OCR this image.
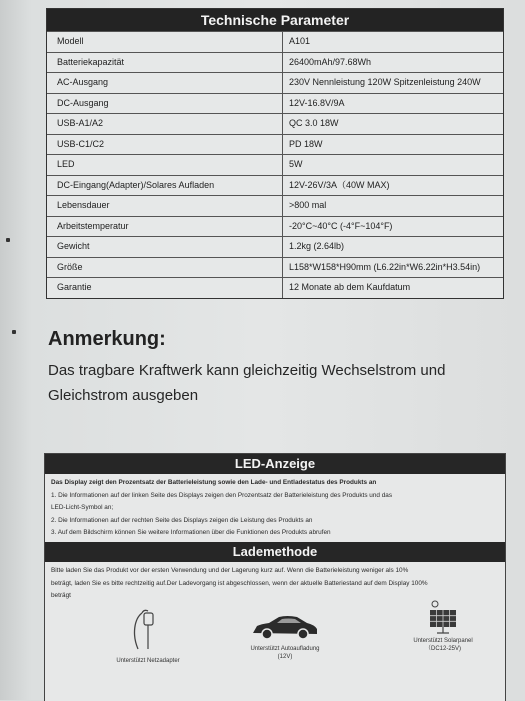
Technische Parameter
Modell	A101
Batteriekapazität	26400mAh/97.68Wh
AC-Ausgang	230V Nennleistung 120W Spitzenleistung 240W
DC-Ausgang	12V-16.8V/9A
USB-A1/A2	QC 3.0 18W
USB-C1/C2	PD 18W
LED	5W
DC-Eingang(Adapter)/Solares Aufladen	12V-26V/3A（40W MAX)
Lebensdauer	>800 mal
Arbeitstemperatur	-20°C~40°C (-4°F~104°F)
Gewicht	1.2kg (2.64lb)
Größe	L158*W158*H90mm (L6.22in*W6.22in*H3.54in)
Garantie	12 Monate ab dem Kaufdatum
Anmerkung:
Das tragbare Kraftwerk kann gleichzeitig Wechselstrom und Gleichstrom ausgeben
LED-Anzeige
Das Display zeigt den Prozentsatz der Batterieleistung sowie den Lade- und Entladestatus des Produkts an
1. Die Informationen auf der linken Seite des Displays zeigen den Prozentsatz der Batterieleistung des Produkts und das
LED-Licht-Symbol an;
2. Die Informationen auf der rechten Seite des Displays zeigen die Leistung des Produkts an
3. Auf dem Bildschirm können Sie weitere Informationen über die Funktionen des Produkts abrufen
Lademethode
Bitte laden Sie das Produkt vor der ersten Verwendung und der Lagerung kurz auf. Wenn die Batterieleistung weniger als 10%
beträgt, laden Sie es bitte rechtzeitig auf.Der Ladevorgang ist abgeschlossen, wenn der aktuelle Batteriestand auf dem Display 100%
beträgt
Unterstützt Netzadapter
Unterstützt Autoaufladung
(12V)
Unterstützt Solarpanel
（DC12-25V)
